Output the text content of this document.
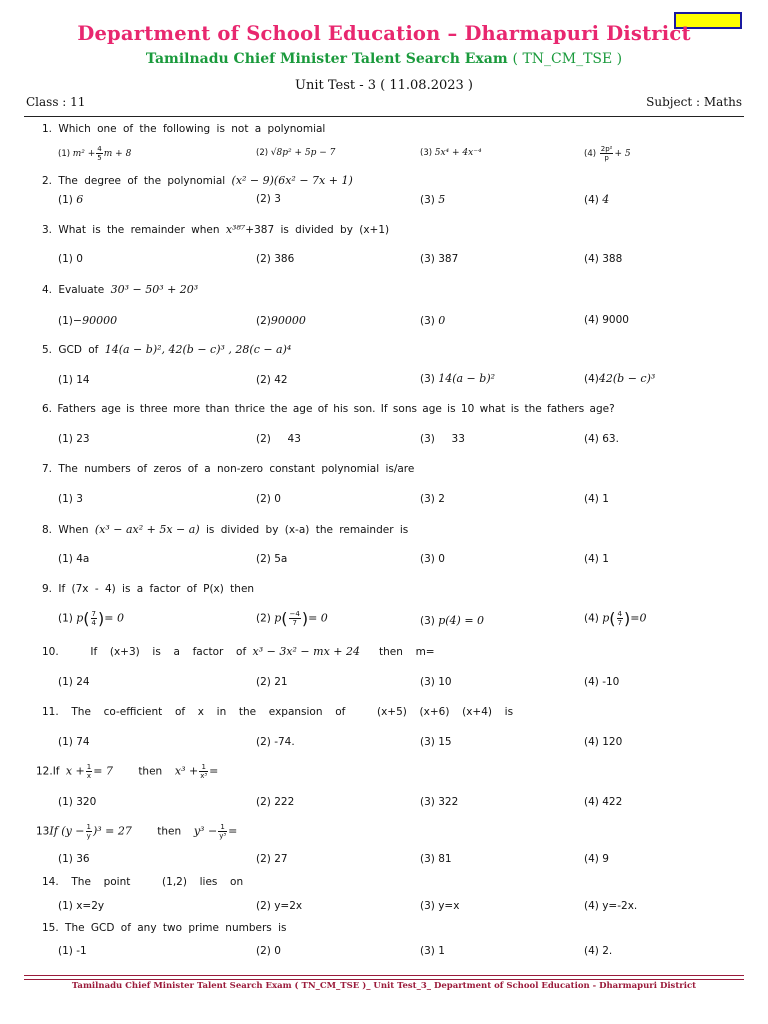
Department of School Education – Dharmapuri District
Tamilnadu Chief Minister Talent Search Exam ( TN_CM_TSE )
Unit Test - 3 ( 11.08.2023 )
Class : 11	Subject : Maths
1. Which one of the following is not a polynomial
(1) $m^2 + \frac{4}{5}$ m + 8	(2) √8p² + 5p − 7	(3) 5x⁴ + 4x⁻⁴	$(4) \frac{\text{2p²}}{p} + 5$
2. The degree of the polynomial (x² − 9)(6x² − 7x + 1)
(1) 6	(2) 3	(3) 5	(4) 4
3. What is the remainder when x³⁸⁷+387 is divided by (x+1)
(1) 0	(2) 386	(3) 387	(4) 388
4. Evaluate 30³ − 50³ + 20³
(1)−90000	(2)90000	(3) 0	(4) 9000
5. GCD of 14(a − b)², 42(b − c)³ , 28(c − a)⁴
(1) 14	(2) 42	(3) 14(a − b)²	(4)42(b − c)³
6. Fathers age is three more than thrice the age of his son. If sons age is 10 what is the fathers age?
(1) 23	(2)     43	(3)     33	(4) 63.
7. The numbers of zeros of a non-zero constant polynomial is/are
(1) 3	(2) 0	(3) 2	(4) 1
8. When (x³ − ax² + 5x − a) is divided by (x-a) the remainder is
(1) 4a	(2) 5a	(3) 0	(4) 1
9. If (7x - 4) is a factor of P(x) then
(1) $p( \frac{7}{4}$ )= 0	(2) $p( \frac{-4}{7}$ )= 0	(3) p(4) = 0	(4) $p( \frac{4}{7} )=0$
10.     If  (x+3)  is  a  factor  of x³ − 3x² − mx + 24 then  m=
(1) 24	(2) 21	(3) 10	(4) -10
11.  The  co-efficient  of  x  in  the  expansion  of     (x+5)  (x+6)  (x+4)  is
(1) 74	(2) -74.	(3) 15	(4) 120
12.If $x + \frac{1}{x} = 7$ then $x^3 + \frac{1}{\text{x³}}$ =
(1) 320	(2) 222	(3) 322	(4) 422
13If $(y - \frac{1}{y} )^3 = 27$ then $y^3 - \frac{1}{\text{y³}}$ =
(1) 36	(2) 27	(3) 81	(4) 9
14.  The  point     (1,2)  lies  on
(1) x=2y	(2) y=2x	(3) y=x	(4) y=-2x.
15. The GCD of any two prime numbers is
(1) -1	(2) 0	(3) 1	(4) 2.
Tamilnadu Chief Minister Talent Search Exam ( TN_CM_TSE )_ Unit Test_3_ Department of School Education - Dharmapuri District
